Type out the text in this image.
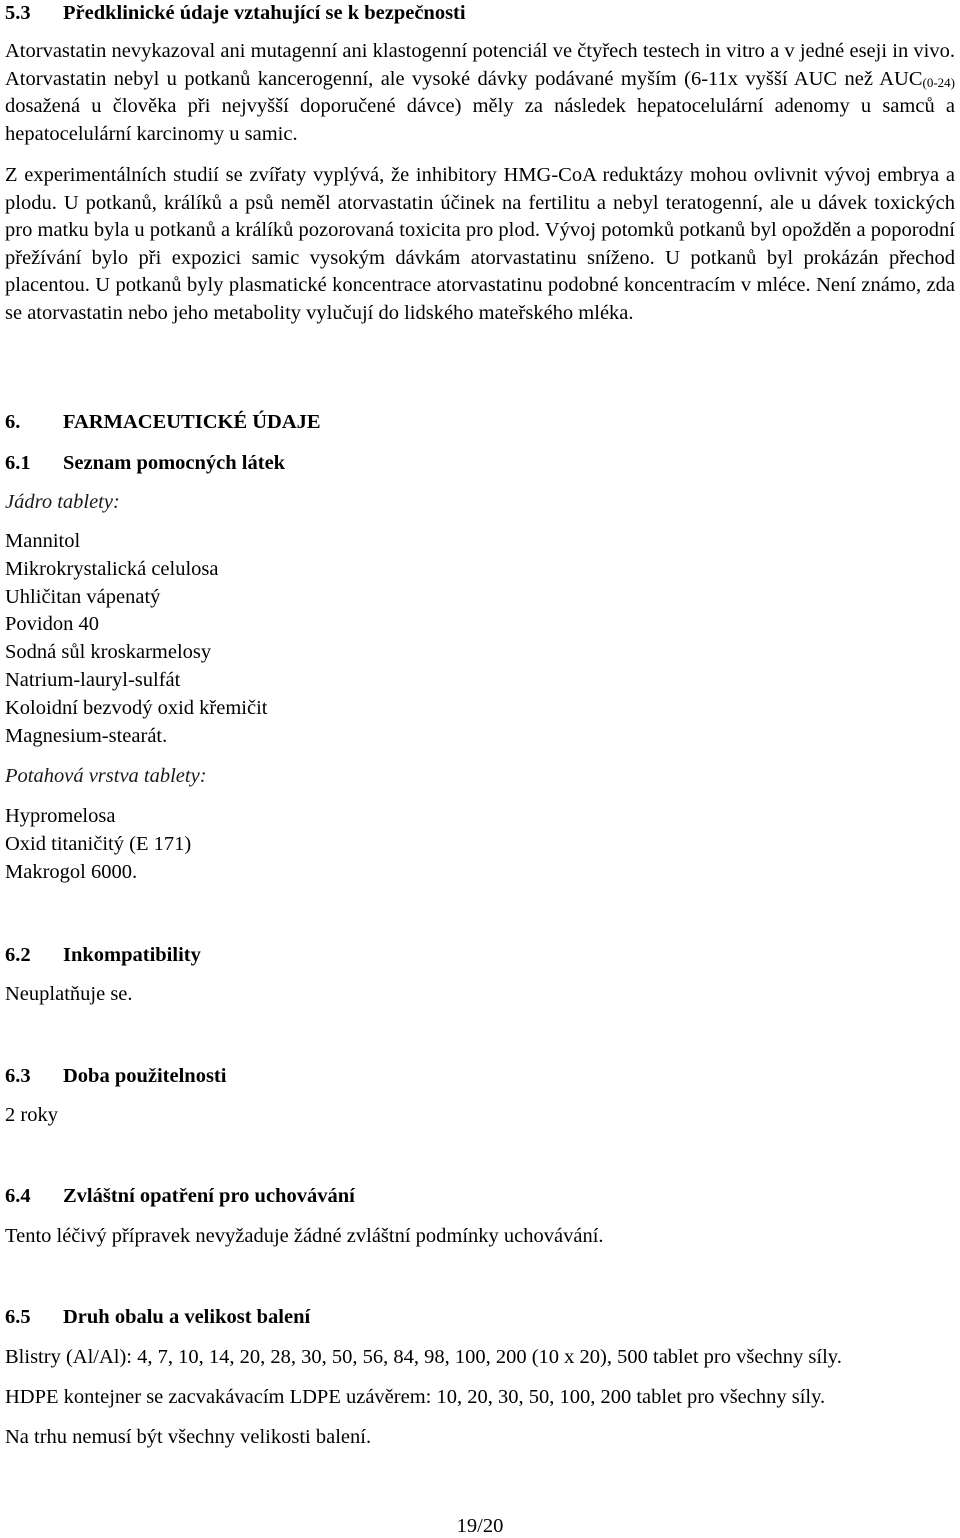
5.3 Předklinické údaje vztahující se k bezpečnosti

Atorvastatin nevykazoval ani mutagenní ani klastogenní potenciál ve čtyřech testech in vitro a v jedné eseji in vivo. Atorvastatin nebyl u potkanů kancerogenní, ale vysoké dávky podávané myším (6-11x vyšší AUC než $AUC_{(0-24)}$ dosažená u člověka při nejvyšší doporučené dávce) měly za následek hepatocelulární adenomy u samců a hepatocelulární karcinomy u samic.

Z experimentálních studií se zvířaty vyplývá, že inhibitory HMG-CoA reduktázy mohou ovlivnit vývoj embrya a plodu. U potkanů, králíků a psů neměl atorvastatin účinek na fertilitu a nebyl teratogenní, ale u dávek toxických pro matku byla u potkanů a králíků pozorovaná toxicita pro plod. Vývoj potomků potkanů byl opožděn a poporodní přežívání bylo při expozici samic vysokým dávkám atorvastatinu sníženo. U potkanů byl prokázán přechod placentou. U potkanů byly plasmatické koncentrace atorvastatinu podobné koncentracím v mléce. Není známo, zda se atorvastatin nebo jeho metabolity vylučují do lidského mateřského mléka.

6. FARMACEUTICKÉ ÚDAJE
6.1 Seznam pomocných látek
Jádro tablety:
Mannitol
Mikrokrystalická celulosa
Uhličitan vápenatý
Povidon 40
Sodná sůl kroskarmelosy
Natrium-lauryl-sulfát
Koloidní bezvodý oxid křemičit
Magnesium-stearát.
Potahová vrstva tablety:
Hypromelosa
Oxid titaničitý (E 171)
Makrogol 6000.
6.2 Inkompatibility
Neuplatňuje se.
6.3 Doba použitelnosti
2 roky
6.4 Zvláštní opatření pro uchovávání
Tento léčivý přípravek nevyžaduje žádné zvláštní podmínky uchovávání.
6.5 Druh obalu a velikost balení
Blistry (Al/Al): 4, 7, 10, 14, 20, 28, 30, 50, 56, 84, 98, 100, 200 (10 x 20), 500 tablet pro všechny síly.
HDPE kontejner se zacvakávacím LDPE uzávěrem: 10, 20, 30, 50, 100, 200 tablet pro všechny síly.
Na trhu nemusí být všechny velikosti balení.
19/20
